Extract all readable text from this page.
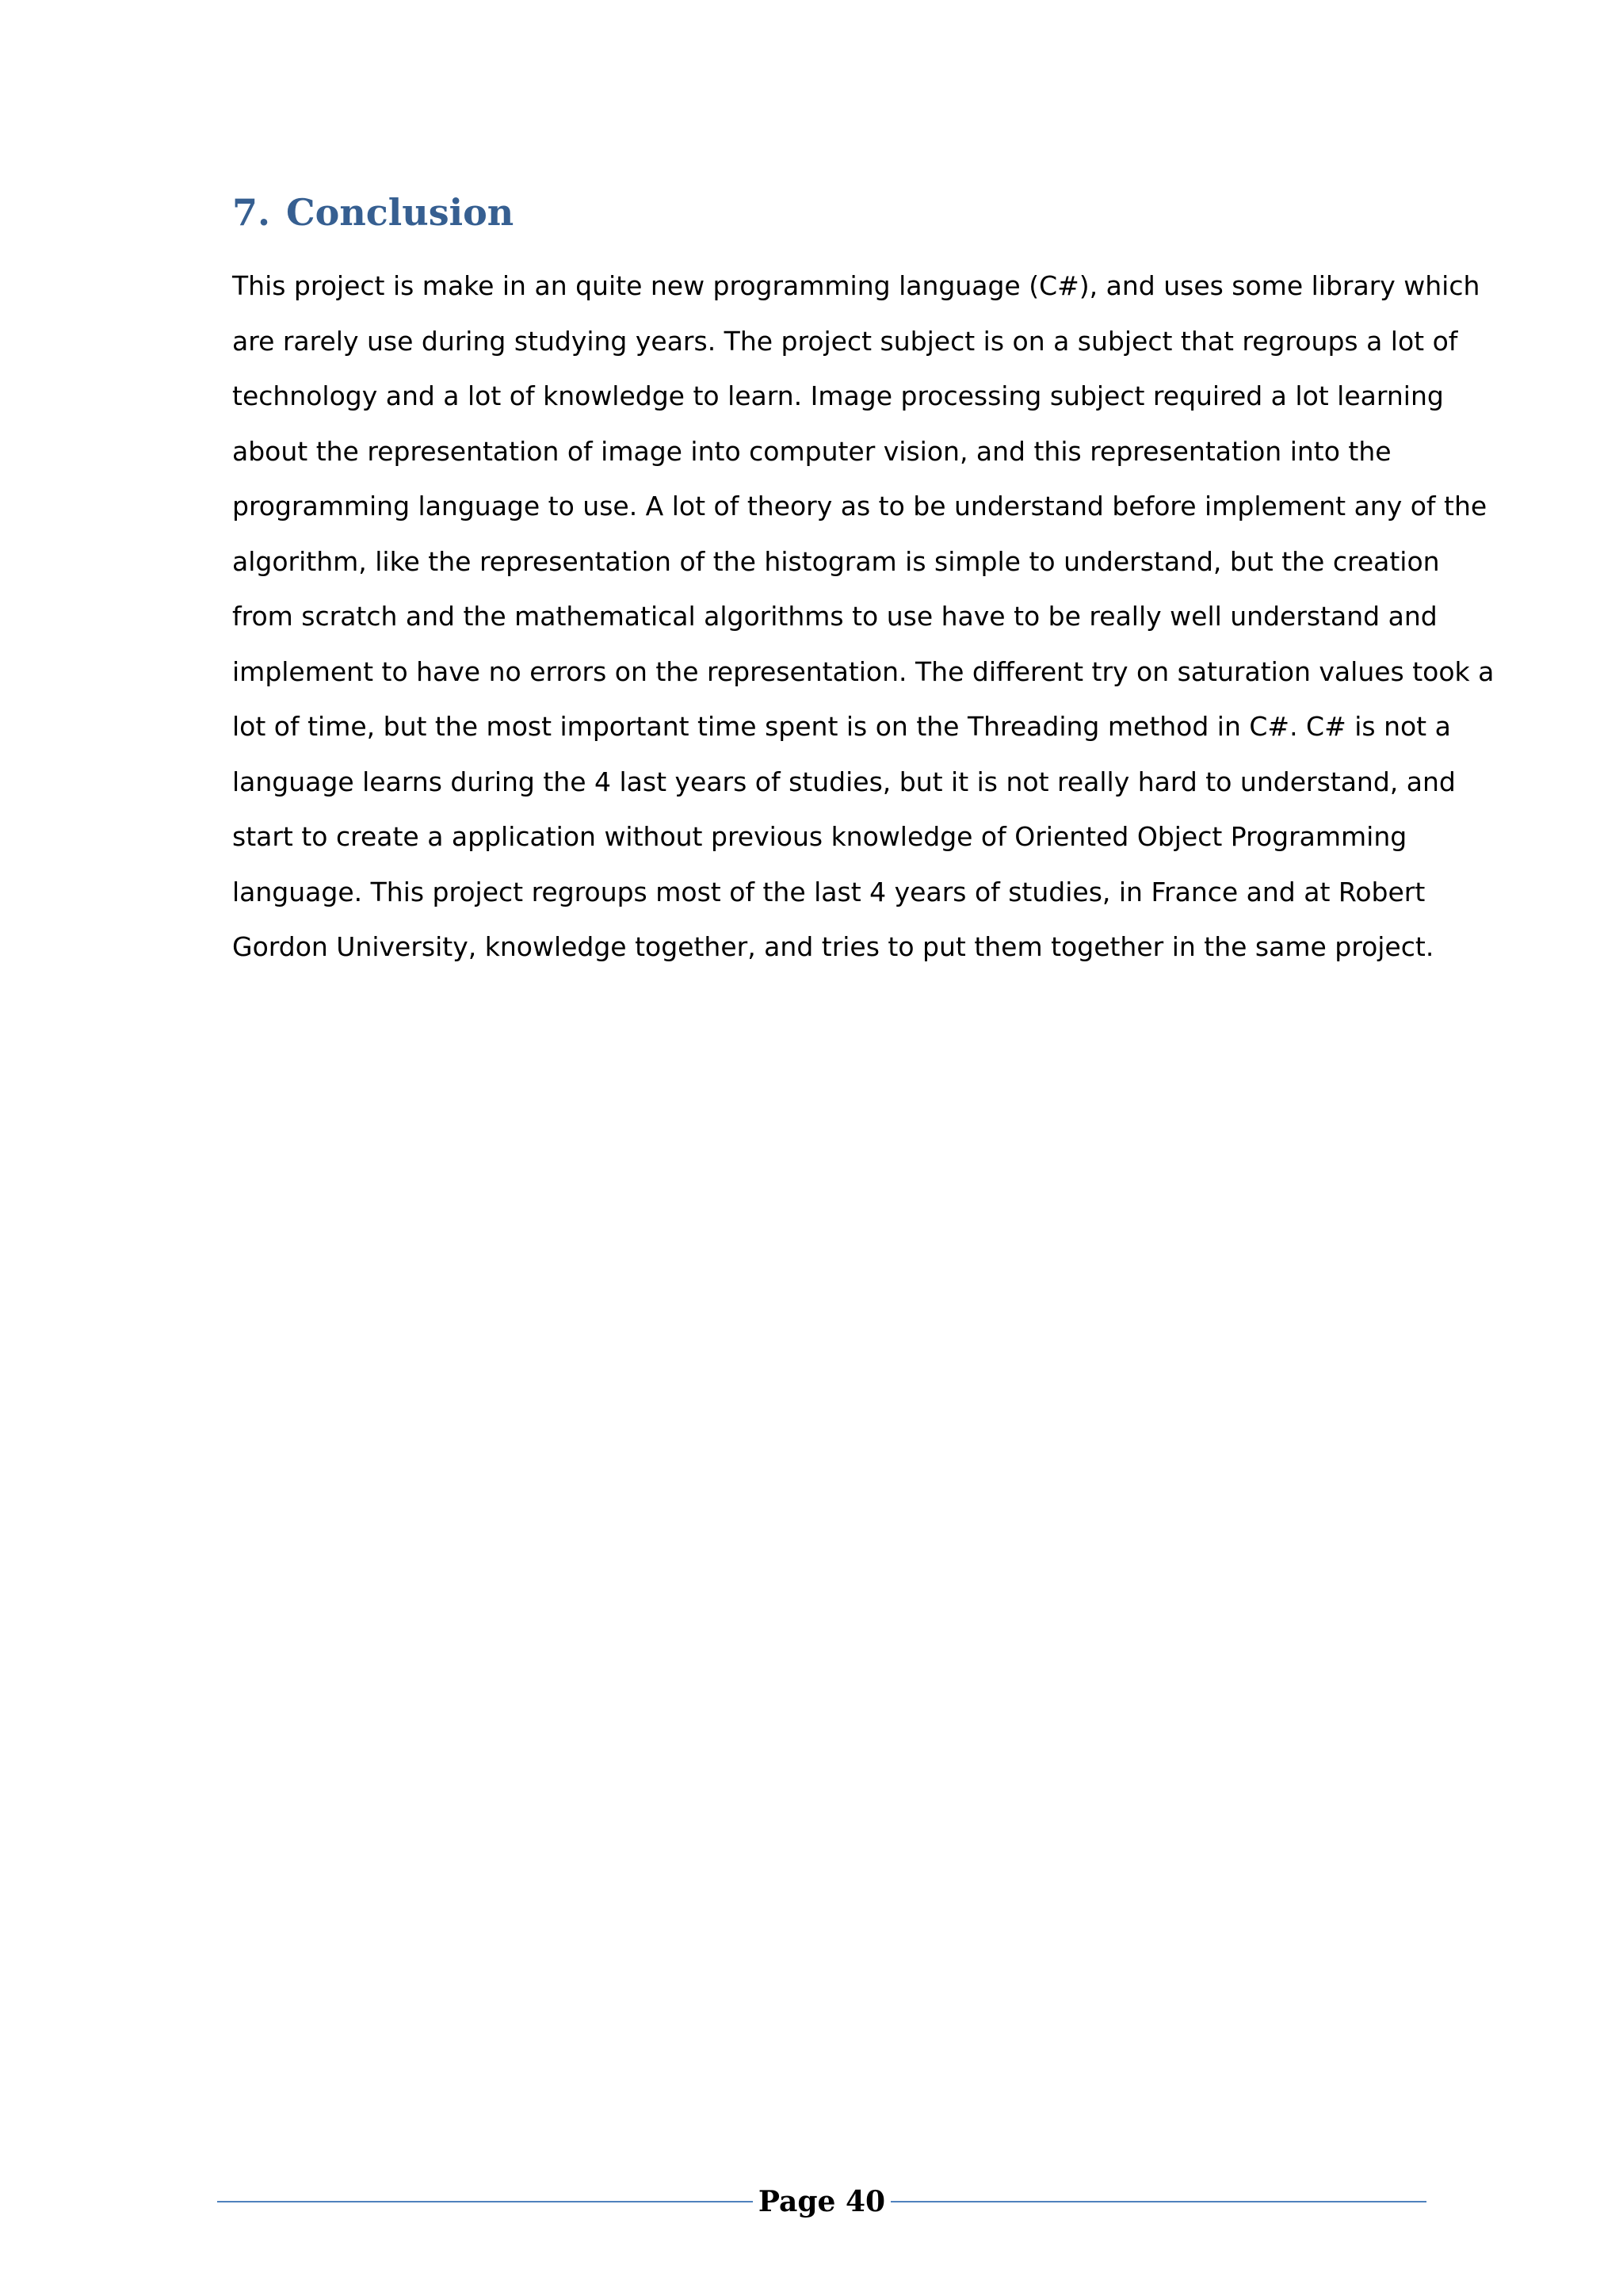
7. Conclusion
This project is make in an quite new programming language (C#), and uses some library which
are rarely use during studying years. The project subject is on a subject that regroups a lot of
technology and a lot of knowledge to learn. Image processing subject required a lot learning
about the representation of image into computer vision, and this representation into the
programming language to use. A lot of theory as to be understand before implement any of the
algorithm, like the representation of the histogram is simple to understand, but the creation
from scratch and the mathematical algorithms to use have to be really well understand and
implement to have no errors on the representation. The different try on saturation values took a
lot of time, but the most important time spent is on the Threading method in C#. C# is not a
language learns during the 4 last years of studies, but it is not really hard to understand, and
start to create a application without previous knowledge of Oriented Object Programming
language. This project regroups most of the last 4 years of studies, in France and at Robert
Gordon University, knowledge together, and tries to put them together in the same project.
Page 40
